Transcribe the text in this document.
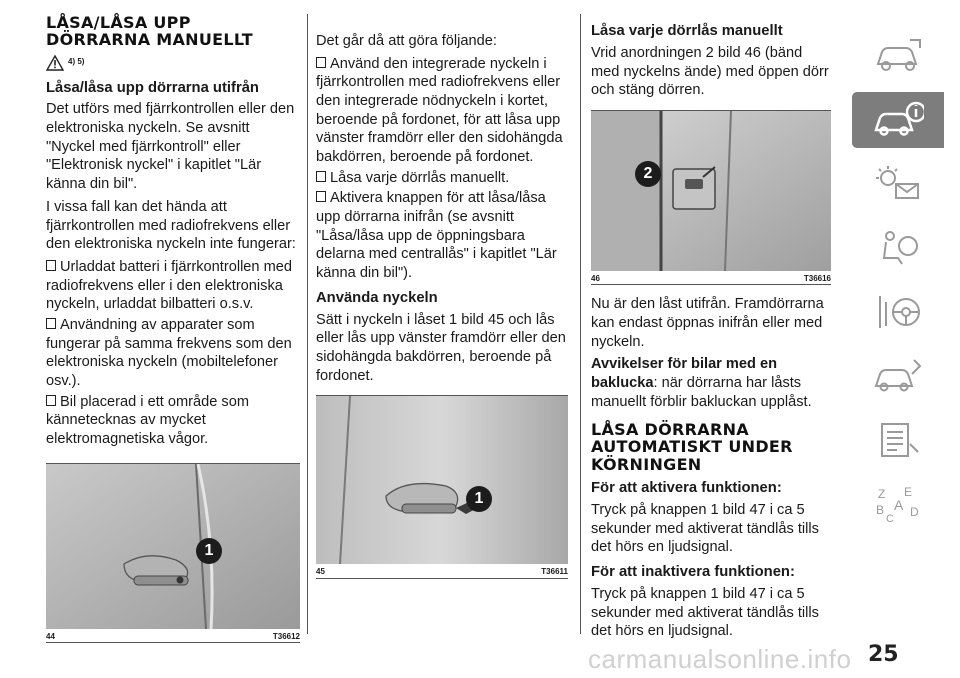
LÅSA/LÅSA UPP DÖRRARNA MANUELLT
4) 5)
Låsa/låsa upp dörrarna utifrån

Det utförs med fjärrkontrollen eller den elektroniska nyckeln. Se avsnitt "Nyckel med fjärrkontroll" eller "Elektronisk nyckel" i kapitlet "Lär känna din bil".

I vissa fall kan det hända att fjärrkontrollen med radiofrekvens eller den elektroniska nyckeln inte fungerar:

Urladdat batteri i fjärrkontrollen med radiofrekvens eller i den elektroniska nyckeln, urladdat bilbatteri o.s.v.
Användning av apparater som fungerar på samma frekvens som den elektroniska nyckeln (mobiltelefoner osv.).
Bil placerad i ett område som kännetecknas av mycket elektromagnetiska vågor.
1
44	T36612

Det går då att göra följande:

Använd den integrerade nyckeln i fjärrkontrollen med radiofrekvens eller den integrerade nödnyckeln i kortet, beroende på fordonet, för att låsa upp vänster framdörr eller den sidohängda bakdörren, beroende på fordonet.
Låsa varje dörrlås manuellt.
Aktivera knappen för att låsa/låsa upp dörrarna inifrån (se avsnitt "Låsa/låsa upp de öppningsbara delarna med centrallås" i kapitlet "Lär känna din bil").
Använda nyckeln

Sätt i nyckeln i låset 1 bild 45 och lås eller lås upp vänster framdörr eller den sidohängda bakdörren, beroende på fordonet.

1
45	T36611
Låsa varje dörrlås manuellt

Vrid anordningen 2 bild 46 (bänd med nyckelns ände) med öppen dörr och stäng dörren.

2
46	T36616

Nu är den låst utifrån. Framdörrarna kan endast öppnas inifrån eller med nyckeln.

Avvikelser för bilar med en baklucka: när dörrarna har låsts manuellt förblir bakluckan upplåst.

LÅSA DÖRRARNA AUTOMATISKT UNDER KÖRNINGEN
För att aktivera funktionen:

Tryck på knappen 1 bild 47 i ca 5 sekunder med aktiverat tändlås tills det hörs en ljudsignal.

För att inaktivera funktionen:

Tryck på knappen 1 bild 47 i ca 5 sekunder med aktiverat tändlås tills det hörs en ljudsignal.

Z E
B A D
C
25
carmanualsonline.info
